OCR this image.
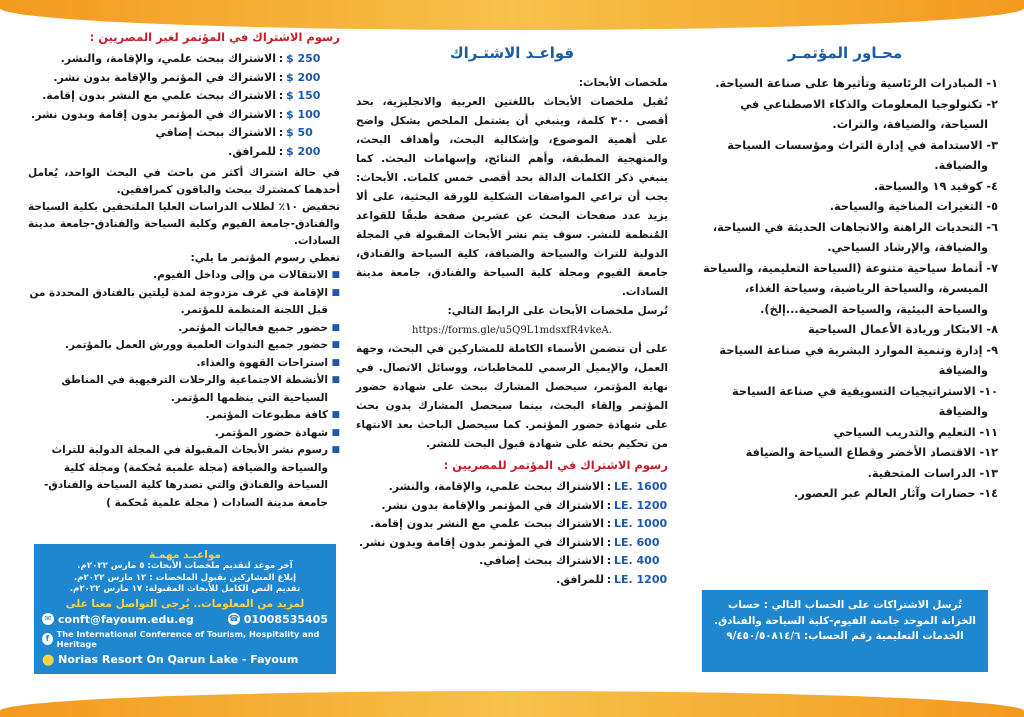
محـاور المؤتمـر
١- المبادرات الرئاسية وتأثيرها على صناعة السياحة.
٢- تكنولوجيا المعلومات والذكاء الاصطناعي في السياحة، والضيافة، والتراث.
٣- الاستدامة في إدارة التراث ومؤسسات السياحة والضيافة.
٤- كوفيد ١٩ والسياحة.
٥- التغيرات المناخية والسياحة.
٦- التحديات الراهنة والاتجاهات الحديثة في السياحة، والضيافة، والإرشاد السياحي.
٧- أنماط سياحية متنوعة (السياحة التعليمية، والسياحة الميسرة، والسياحة الرياضية، وسياحة الغذاء، والسياحة البيئية، والسياحة الصحية...إلخ).
٨- الابتكار وريادة الأعمال السياحية
٩- إدارة وتنمية الموارد البشرية في صناعة السياحة والضيافة
١٠- الاستراتيجيات التسويقية في صناعة السياحة والضيافة
١١- التعليم والتدريب السياحي
١٢- الاقتصاد الأخضر وقطاع السياحة والضيافة
١٣- الدراسات المتحفية.
١٤- حضارات وآثار العالم عبر العصور.
تُرسل الاشتراكات على الحساب التالي : حساب الخزانة الموحد جامعة الفيوم-كلية السياحة والفنادق. الخدمات التعليمية رقم الحساب: ٩/٤٥٠/٥٠٨١٤/٦
قواعـد الاشتـراك

ملخصات الأبحاث:

تُقبل ملخصات الأبحاث باللغتين العربية والانجليزية، بحد أقصى ٣٠٠ كلمة، وينبغي أن يشتمل الملخص بشكل واضح على أهمية الموضوع، وإشكالية البحث، وأهداف البحث، والمنهجية المطبقة، وأهم النتائج، وإسهامات البحث. كما ينبغي ذكر الكلمات الدالة بحد أقصى خمس كلمات. الأبحاث: يجب أن تراعي المواصفات الشكلية للورقة البحثية، على ألا يزيد عدد صفحات البحث عن عشرين صفحة طبقًا للقواعد المُنظمة للنشر. سوف يتم نشر الأبحاث المقبولة في المجلة الدولية للتراث والسياحة والضيافة، كلية السياحة والفنادق، جامعة الفيوم ومجلة كلية السياحة والفنادق، جامعة مدينة السادات.

تُرسل ملخصات الأبحاث على الرابط التالي:

https://forms.gle/u5Q9L1mdsxfR4vkeA.

على أن تتضمن الأسماء الكاملة للمشاركين في البحث، وجهة العمل، والإيميل الرسمي للمخاطبات، ووسائل الاتصال. في نهاية المؤتمر، سيحصل المشارك ببحث على شهادة حضور المؤتمر وإلقاء البحث، بينما سيحصل المشارك بدون بحث على شهادة حضور المؤتمر. كما سيحصل الباحث بعد الانتهاء من تحكيم بحثه على شهادة قبول البحث للنشر.

رسوم الاشتراك في المؤتمر للمصريين :
LE. 1600
:
الاشتراك ببحث علمي، والإقامة، والنشر.
LE. 1200
:
الاشتراك في المؤتمر والإقامة بدون نشر.
LE. 1000
:
الاشتراك ببحث علمي مع النشر بدون إقامة.
LE. 600
:
الاشتراك في المؤتمر بدون إقامة وبدون نشر.
LE. 400
:
الاشتراك ببحث إضافي.
LE. 1200
:
للمرافق.
رسوم الاشتراك في المؤتمر لغير المصريين :
$ 250
:
الاشتراك ببحث علمي، والإقامة، والنشر.
$ 200
:
الاشتراك في المؤتمر والإقامة بدون نشر.
$ 150
:
الاشتراك ببحث علمي مع النشر بدون إقامة.
$ 100
:
الاشتراك في المؤتمر بدون إقامة وبدون نشر.
$ 50
:
الاشتراك ببحث إضافي
$ 200
:
للمرافق.

في حالة اشتراك أكثر من باحث في البحث الواحد، يُعامل أحدهما كمشترك ببحث والباقون كمرافقين.

تخفيض ١٠٪ لطلاب الدراسات العليا الملتحقين بكلية السياحة والفنادق-جامعة الفيوم وكلية السياحة والفنادق-جامعة مدينة السادات.

تغطي رسوم المؤتمر ما يلي:

■ الانتقالات من وإلى وداخل الفيوم.
■ الإقامة في غرف مزدوجة لمدة ليلتين بالفنادق المحددة من قبل اللجنة المنظمة للمؤتمر.
■ حضور جميع فعاليات المؤتمر.
■ حضور جميع الندوات العلمية وورش العمل بالمؤتمر.
■ استراحات القهوة والغذاء.
■ الأنشطة الاجتماعية والرحلات الترفيهية في المناطق السياحية التي ينظمها المؤتمر.
■ كافة مطبوعات المؤتمر.
■ شهادة حضور المؤتمر.
■ رسوم نشر الأبحاث المقبولة في المجلة الدولية للتراث والسياحة والضيافة (مجلة علمية مُحكمة) ومجلة كلية السياحة والفنادق والتي تصدرها كلية السياحة والفنادق- جامعة مدينة السادات ( مجلة علمية مُحكمة )
مواعيـد مهمـة
آخر موعد لتقديم ملخصات الأبحاث: ٥ مارس ٢٠٢٢م.
إبلاغ المشاركين بقبول الملخصات : ١٢ مارس ٢٠٢٢م.
تقديم النص الكامل للأبحاث المقبولة: ١٧ مارس ٢٠٢٢م.
لمزيد من المعلومات.. يُرجى التواصل معنا على
✉ conft@fayoum.edu.eg	☎ 01008535405
f The International Conference of Tourism, Hospitality and Heritage
⬤ Norias Resort On Qarun Lake - Fayoum
